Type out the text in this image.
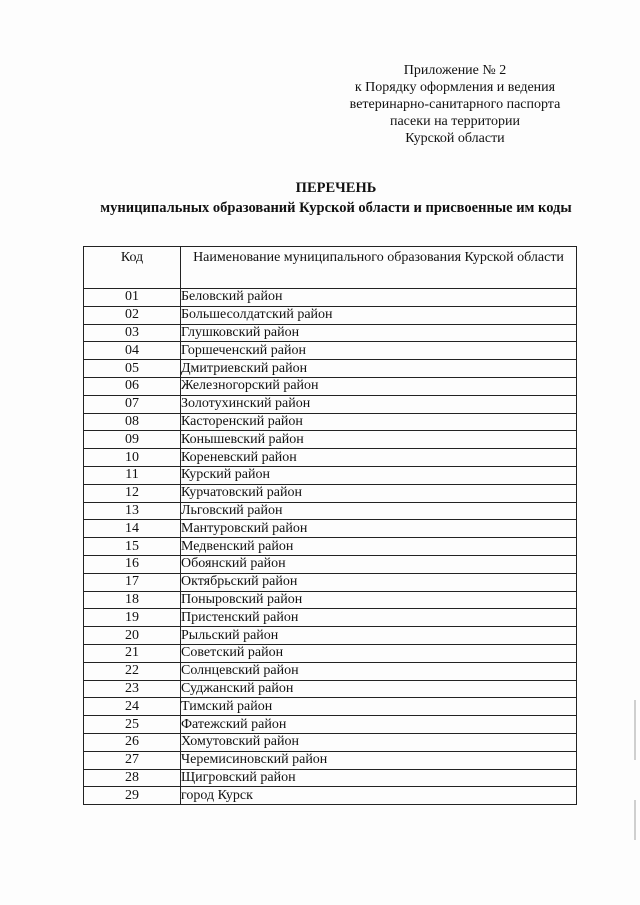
Приложение № 2
к Порядку оформления и ведения
ветеринарно-санитарного паспорта
пасеки на территории
Курской области
ПЕРЕЧЕНЬ
муниципальных образований Курской области и присвоенные им коды
Код	Наименование муниципального образования Курской области
01	Беловский район
02	Большесолдатский район
03	Глушковский район
04	Горшеченский район
05	Дмитриевский район
06	Железногорский район
07	Золотухинский район
08	Касторенский район
09	Конышевский район
10	Кореневский район
11	Курский район
12	Курчатовский район
13	Льговский район
14	Мантуровский район
15	Медвенский район
16	Обоянский район
17	Октябрьский район
18	Поныровский район
19	Пристенский район
20	Рыльский район
21	Советский район
22	Солнцевский район
23	Суджанский район
24	Тимский район
25	Фатежский район
26	Хомутовский район
27	Черемисиновский район
28	Щигровский район
29	город Курск
